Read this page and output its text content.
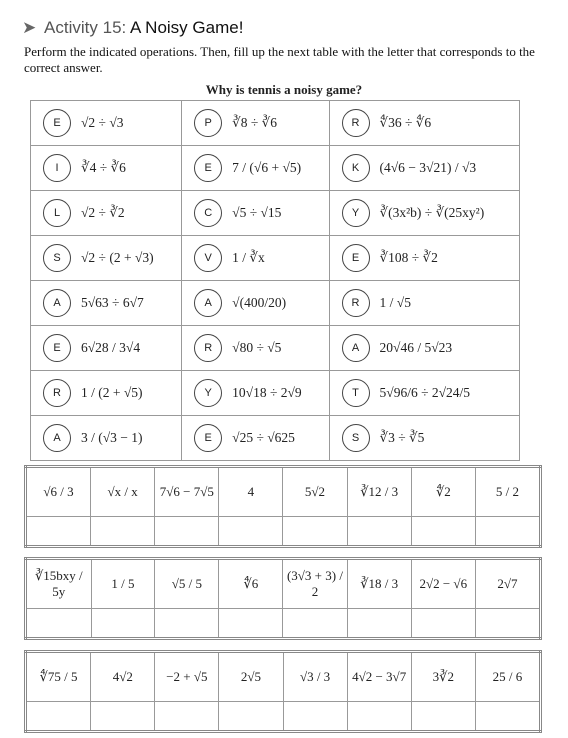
➤ Activity 15: A Noisy Game!
Perform the indicated operations. Then, fill up the next table with the letter that corresponds to the correct answer.
Why is tennis a noisy game?
E √2 ÷ √3	P ∛8 ÷ ∛6	R ∜36 ÷ ∜6

I ∛4 ÷ ∛6	E 7 / (√6 + √5)	K (4√6 − 3√21) / √3

L √2 ÷ ∛2	C √5 ÷ √15	Y ∛(3x²b) ÷ ∛(25xy²)

S √2 ÷ (2 + √3)	V 1 / ∛x	E ∛108 ÷ ∛2

A 5√63 ÷ 6√7	A √(400/20)	R 1 / √5

E 6√28 / 3√4	R √80 ÷ √5	A 20√46 / 5√23

R 1 / (2 + √5)	Y 10√18 ÷ 2√9	T 5√96/6 ÷ 2√24/5

A 3 / (√3 − 1)	E √25 ÷ √625	S ∛3 ÷ ∛5
√6 / 3	√x / x	7√6 − 7√5	4	5√2	∛12 / 3	∜2	5 / 2

∛15bxy / 5y	1 / 5	√5 / 5	∜6	(3√3 + 3) / 2	∛18 / 3	2√2 − √6	2√7

∜75 / 5	4√2	−2 + √5	2√5	√3 / 3	4√2 − 3√7	3∛2	25 / 6
